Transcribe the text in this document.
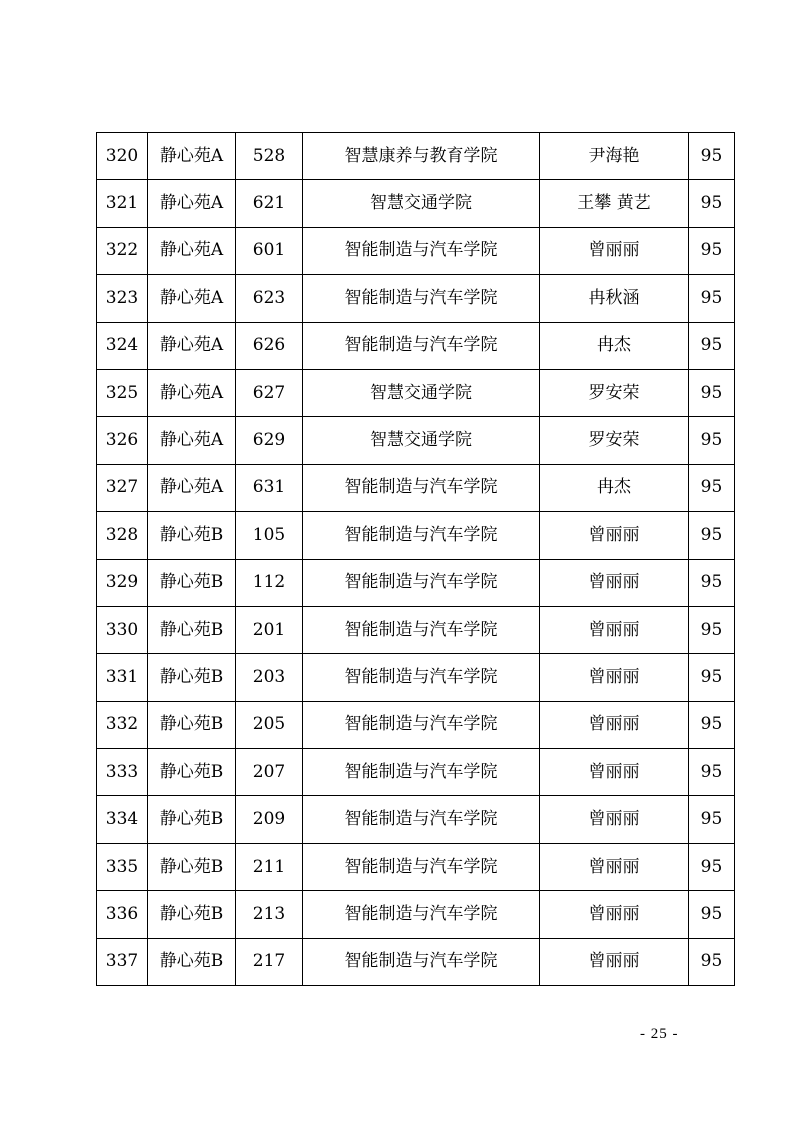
320	静心苑A	528	智慧康养与教育学院	尹海艳	95
321	静心苑A	621	智慧交通学院	王攀 黄艺	95
322	静心苑A	601	智能制造与汽车学院	曾丽丽	95
323	静心苑A	623	智能制造与汽车学院	冉秋涵	95
324	静心苑A	626	智能制造与汽车学院	冉杰	95
325	静心苑A	627	智慧交通学院	罗安荣	95
326	静心苑A	629	智慧交通学院	罗安荣	95
327	静心苑A	631	智能制造与汽车学院	冉杰	95
328	静心苑B	105	智能制造与汽车学院	曾丽丽	95
329	静心苑B	112	智能制造与汽车学院	曾丽丽	95
330	静心苑B	201	智能制造与汽车学院	曾丽丽	95
331	静心苑B	203	智能制造与汽车学院	曾丽丽	95
332	静心苑B	205	智能制造与汽车学院	曾丽丽	95
333	静心苑B	207	智能制造与汽车学院	曾丽丽	95
334	静心苑B	209	智能制造与汽车学院	曾丽丽	95
335	静心苑B	211	智能制造与汽车学院	曾丽丽	95
336	静心苑B	213	智能制造与汽车学院	曾丽丽	95
337	静心苑B	217	智能制造与汽车学院	曾丽丽	95
- 25 -
